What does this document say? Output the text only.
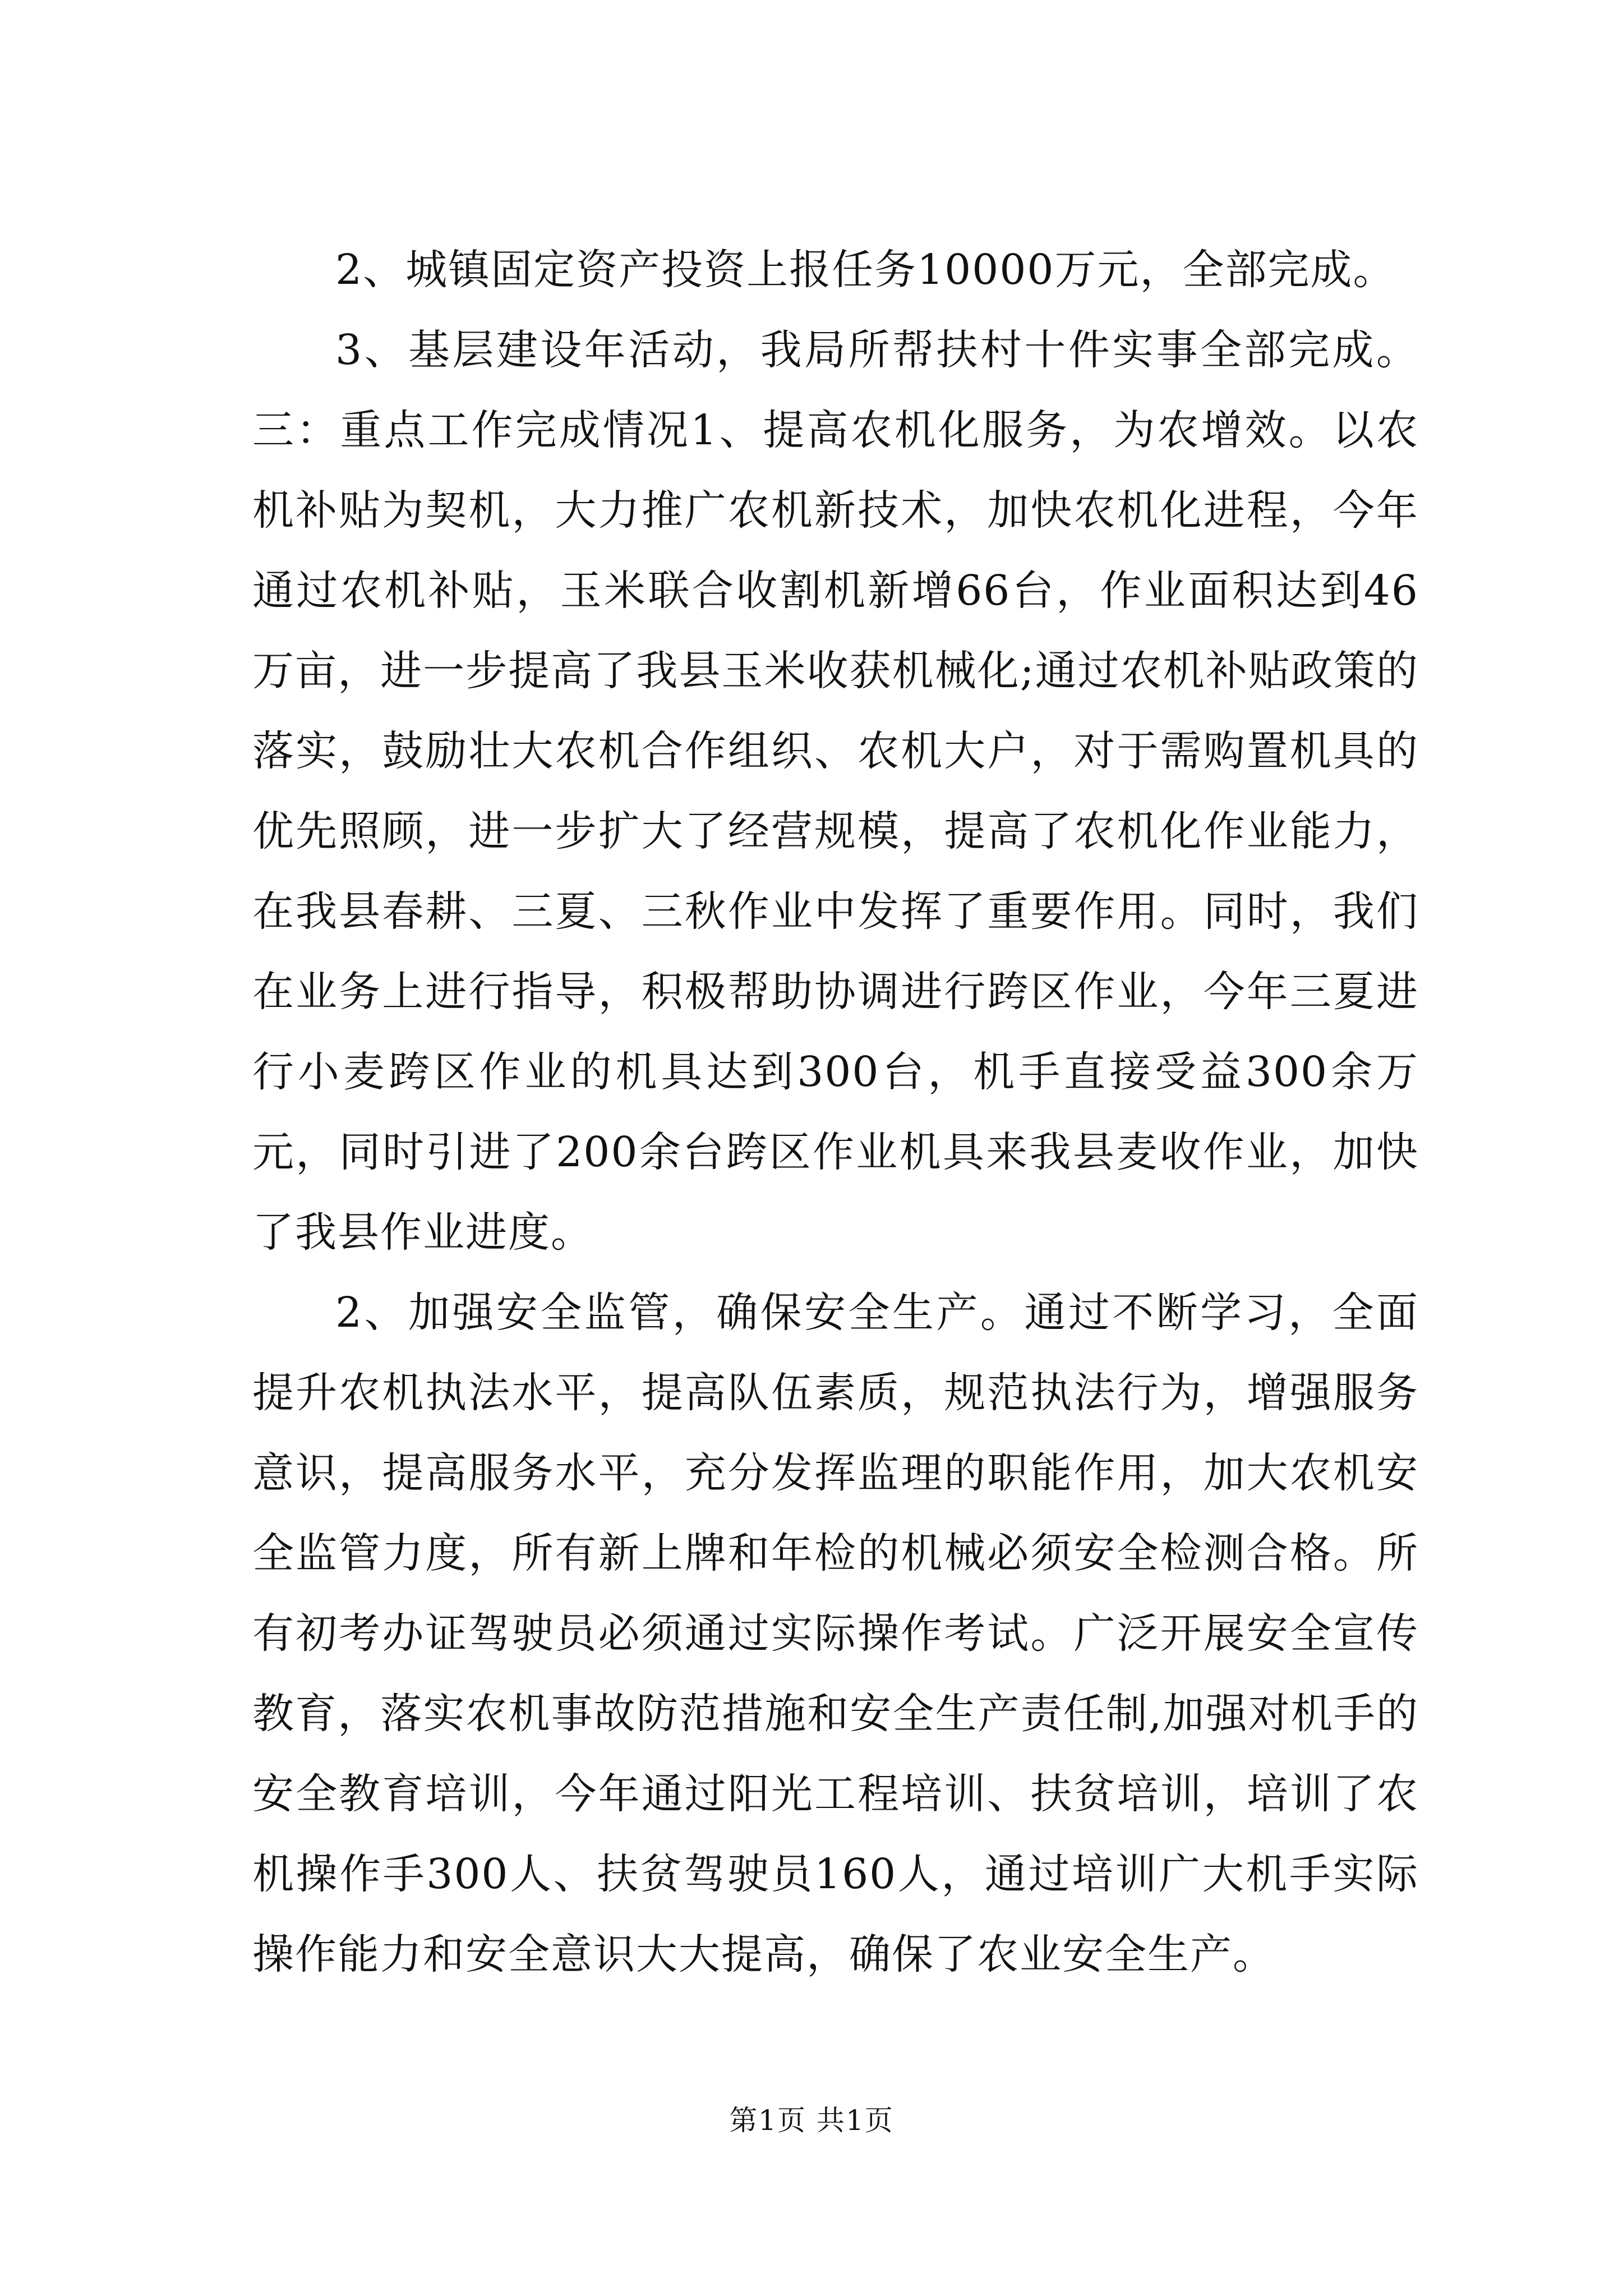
2、城镇固定资产投资上报任务10000万元，全部完成。

3、基层建设年活动，我局所帮扶村十件实事全部完成。三：重点工作完成情况1、提高农机化服务，为农增效。以农机补贴为契机，大力推广农机新技术，加快农机化进程，今年通过农机补贴，玉米联合收割机新增66台，作业面积达到46万亩，进一步提高了我县玉米收获机械化;通过农机补贴政策的落实，鼓励壮大农机合作组织、农机大户，对于需购置机具的优先照顾，进一步扩大了经营规模，提高了农机化作业能力，在我县春耕、三夏、三秋作业中发挥了重要作用。同时，我们在业务上进行指导，积极帮助协调进行跨区作业，今年三夏进行小麦跨区作业的机具达到300台，机手直接受益300余万元，同时引进了200余台跨区作业机具来我县麦收作业，加快了我县作业进度。

2、加强安全监管，确保安全生产。通过不断学习，全面提升农机执法水平，提高队伍素质，规范执法行为，增强服务意识，提高服务水平，充分发挥监理的职能作用，加大农机安全监管力度，所有新上牌和年检的机械必须安全检测合格。所有初考办证驾驶员必须通过实际操作考试。广泛开展安全宣传教育，落实农机事故防范措施和安全生产责任制,加强对机手的安全教育培训，今年通过阳光工程培训、扶贫培训，培训了农机操作手300人、扶贫驾驶员160人，通过培训广大机手实际操作能力和安全意识大大提高，确保了农业安全生产。

第1页 共1页
